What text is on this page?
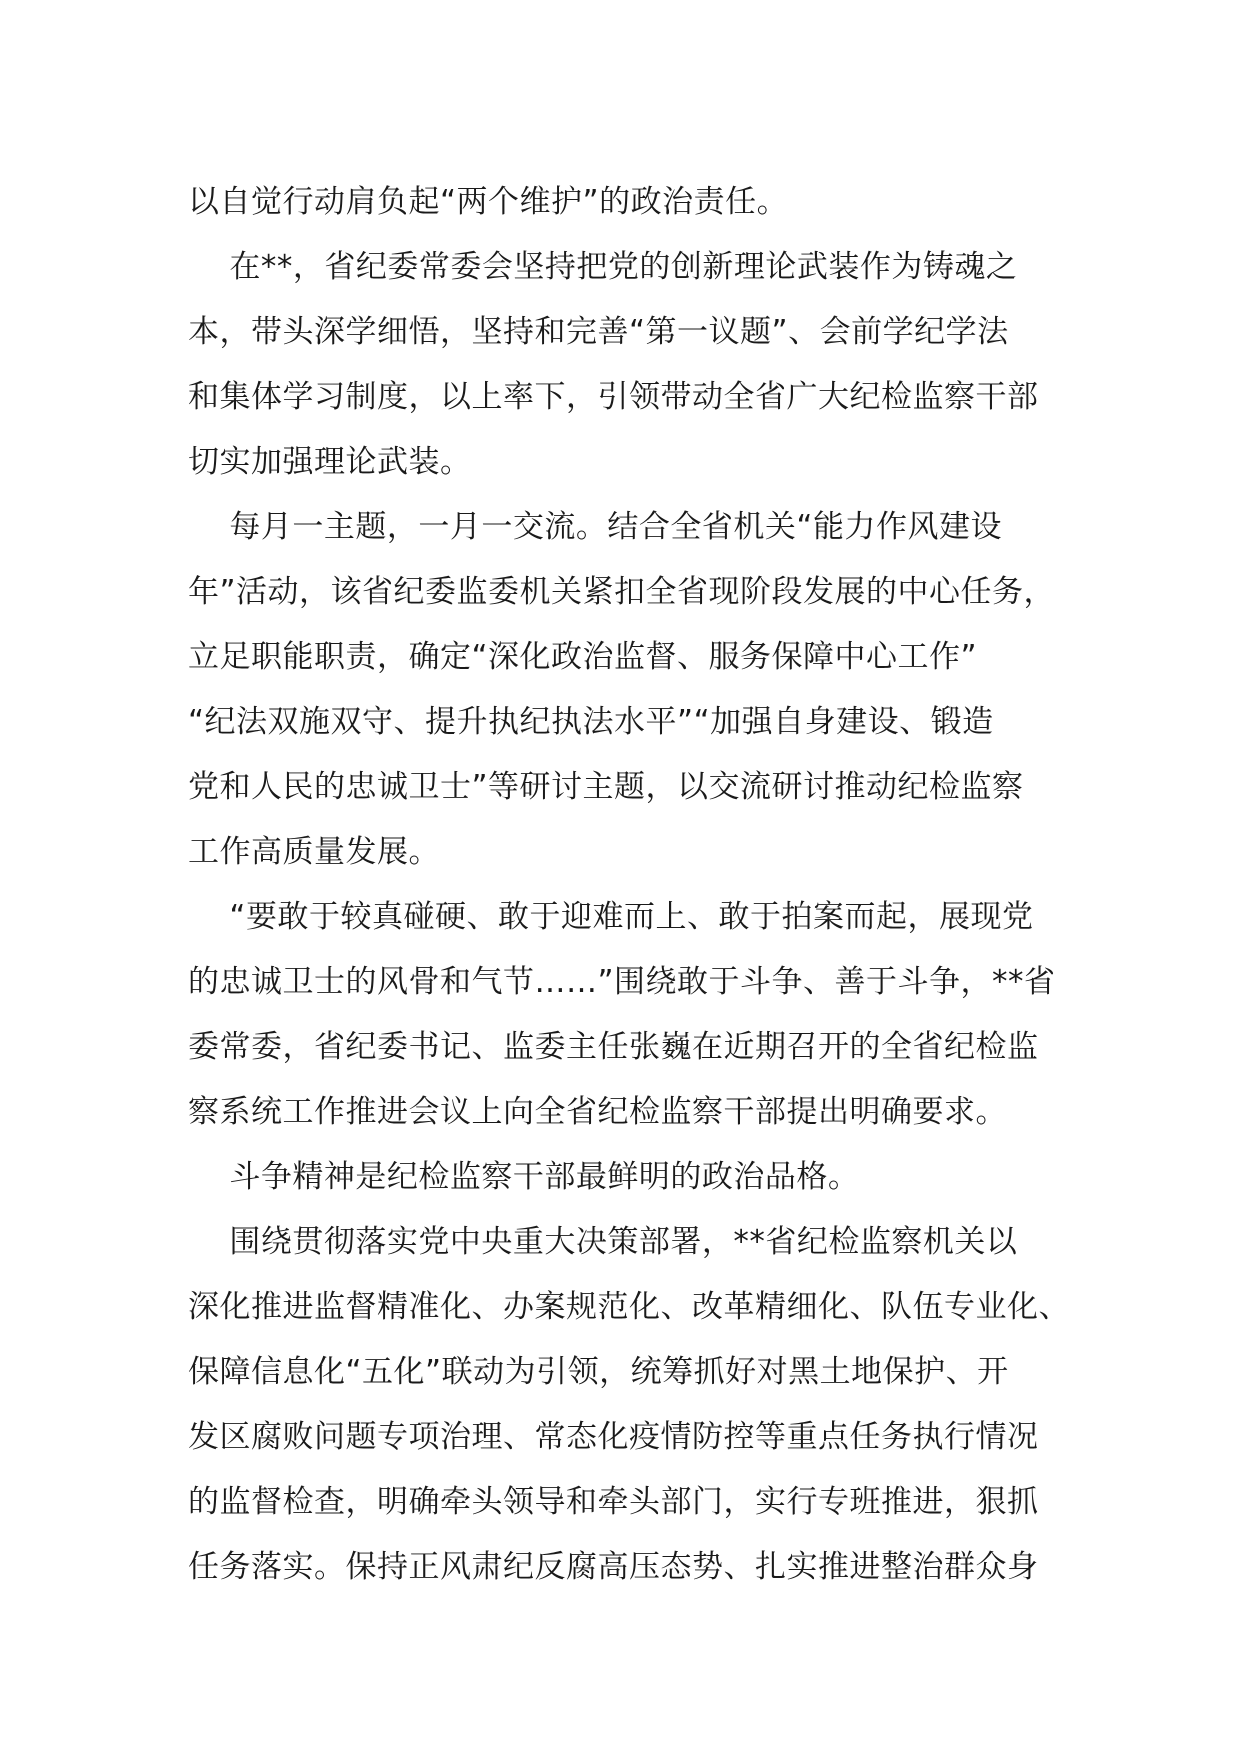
以自觉行动肩负起“两个维护”的政治责任。
在**，省纪委常委会坚持把党的创新理论武装作为铸魂之
本，带头深学细悟，坚持和完善“第一议题”、会前学纪学法
和集体学习制度，以上率下，引领带动全省广大纪检监察干部
切实加强理论武装。
每月一主题，一月一交流。结合全省机关“能力作风建设
年”活动，该省纪委监委机关紧扣全省现阶段发展的中心任务，
立足职能职责，确定“深化政治监督、服务保障中心工作”
“纪法双施双守、提升执纪执法水平”“加强自身建设、锻造
党和人民的忠诚卫士”等研讨主题，以交流研讨推动纪检监察
工作高质量发展。
“要敢于较真碰硬、敢于迎难而上、敢于拍案而起，展现党
的忠诚卫士的风骨和气节……”围绕敢于斗争、善于斗争，**省
委常委，省纪委书记、监委主任张巍在近期召开的全省纪检监
察系统工作推进会议上向全省纪检监察干部提出明确要求。
斗争精神是纪检监察干部最鲜明的政治品格。
围绕贯彻落实党中央重大决策部署，**省纪检监察机关以
深化推进监督精准化、办案规范化、改革精细化、队伍专业化、
保障信息化“五化”联动为引领，统筹抓好对黑土地保护、开
发区腐败问题专项治理、常态化疫情防控等重点任务执行情况
的监督检查，明确牵头领导和牵头部门，实行专班推进，狠抓
任务落实。保持正风肃纪反腐高压态势、扎实推进整治群众身
